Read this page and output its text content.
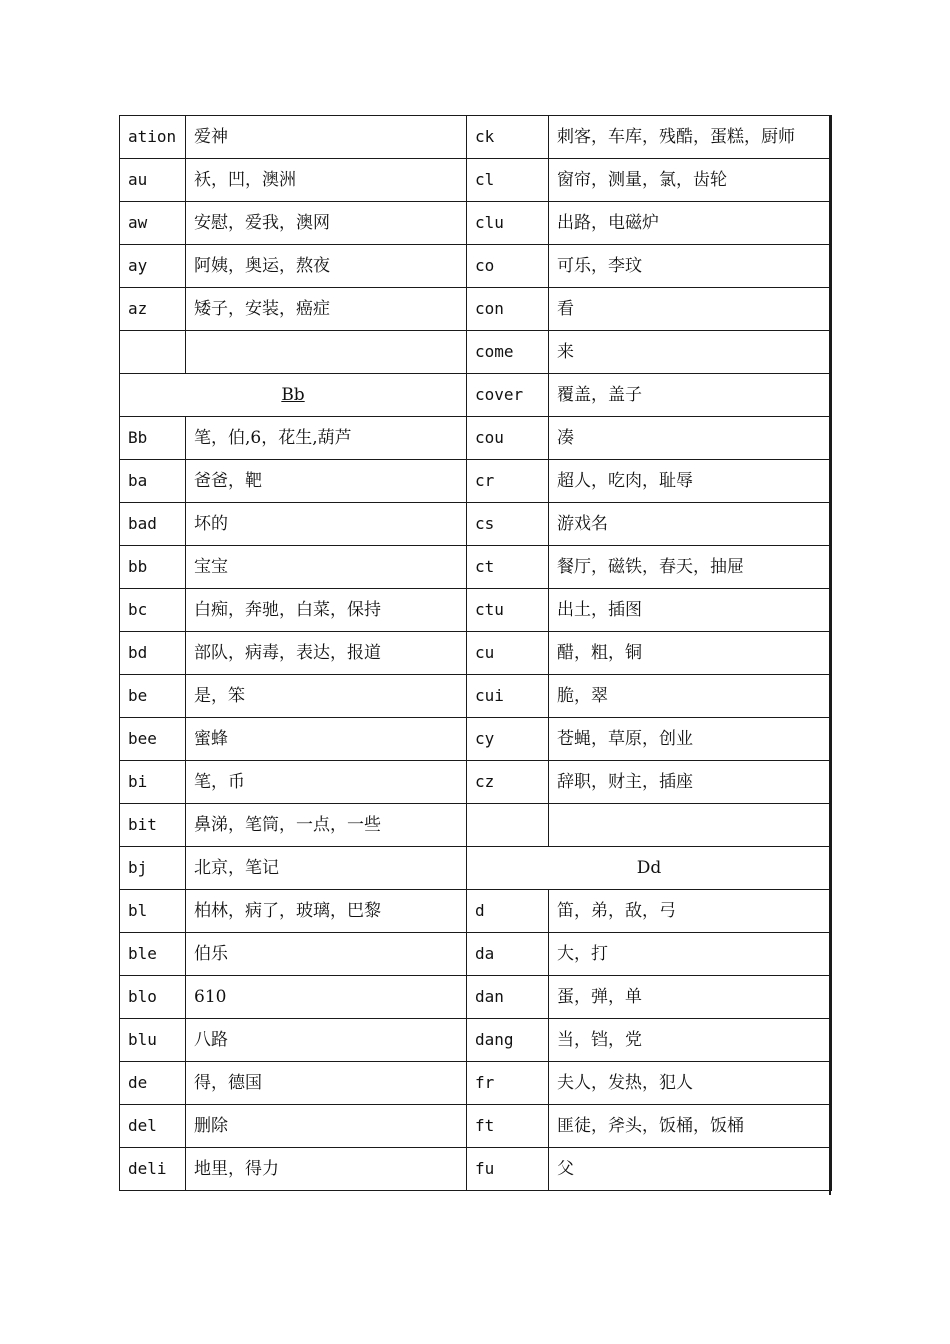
ation	爱神	ck	刺客，车库，残酷，蛋糕，厨师
au	袄，凹，澳洲	cl	窗帘，测量，氯，齿轮
aw	安慰，爱我，澳网	clu	出路，电磁炉
ay	阿姨，奥运，熬夜	co	可乐，李玟
az	矮子，安装，癌症	con	看
		come	来
Bb		cover	覆盖，盖子
Bb	笔，伯,6，花生,葫芦	cou	凑
ba	爸爸，靶	cr	超人，吃肉，耻辱
bad	坏的	cs	游戏名
bb	宝宝	ct	餐厅，磁铁，春天，抽屉
bc	白痴，奔驰，白菜，保持	ctu	出土，插图
bd	部队，病毒，表达，报道	cu	醋，粗，铜
be	是，笨	cui	脆，翠
bee	蜜蜂	cy	苍蝇，草原，创业
bi	笔，币	cz	辞职，财主，插座
bit	鼻涕，笔筒，一点，一些		
bj	北京，笔记	Dd	
bl	柏林，病了，玻璃，巴黎	d	笛，弟，敌，弓
ble	伯乐	da	大，打
blo	610	dan	蛋，弹，单
blu	八路	dang	当，铛，党
de	得，德国	fr	夫人，发热，犯人
del	删除	ft	匪徒，斧头，饭桶，饭桶
deli	地里，得力	fu	父
